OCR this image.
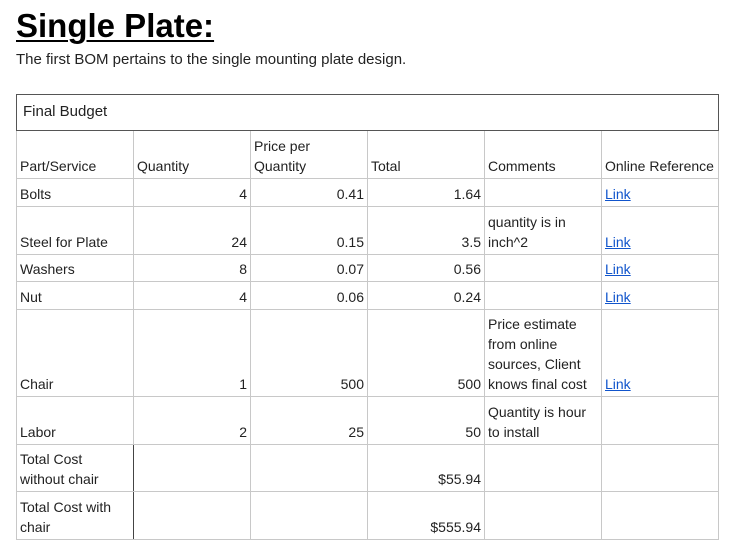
Single Plate:

The first BOM pertains to the single mounting plate design.

Final Budget					
Part/Service	Quantity	Price per Quantity	Total	Comments	Online Reference
Bolts	4	0.41	1.64		Link
Steel for Plate	24	0.15	3.5	quantity is in inch^2	Link
Washers	8	0.07	0.56		Link
Nut	4	0.06	0.24		Link
Chair	1	500	500	Price estimate from online sources, Client knows final cost	Link
Labor	2	25	50	Quantity is hour to install	
Total Cost without chair			$55.94		
Total Cost with chair			$555.94		
